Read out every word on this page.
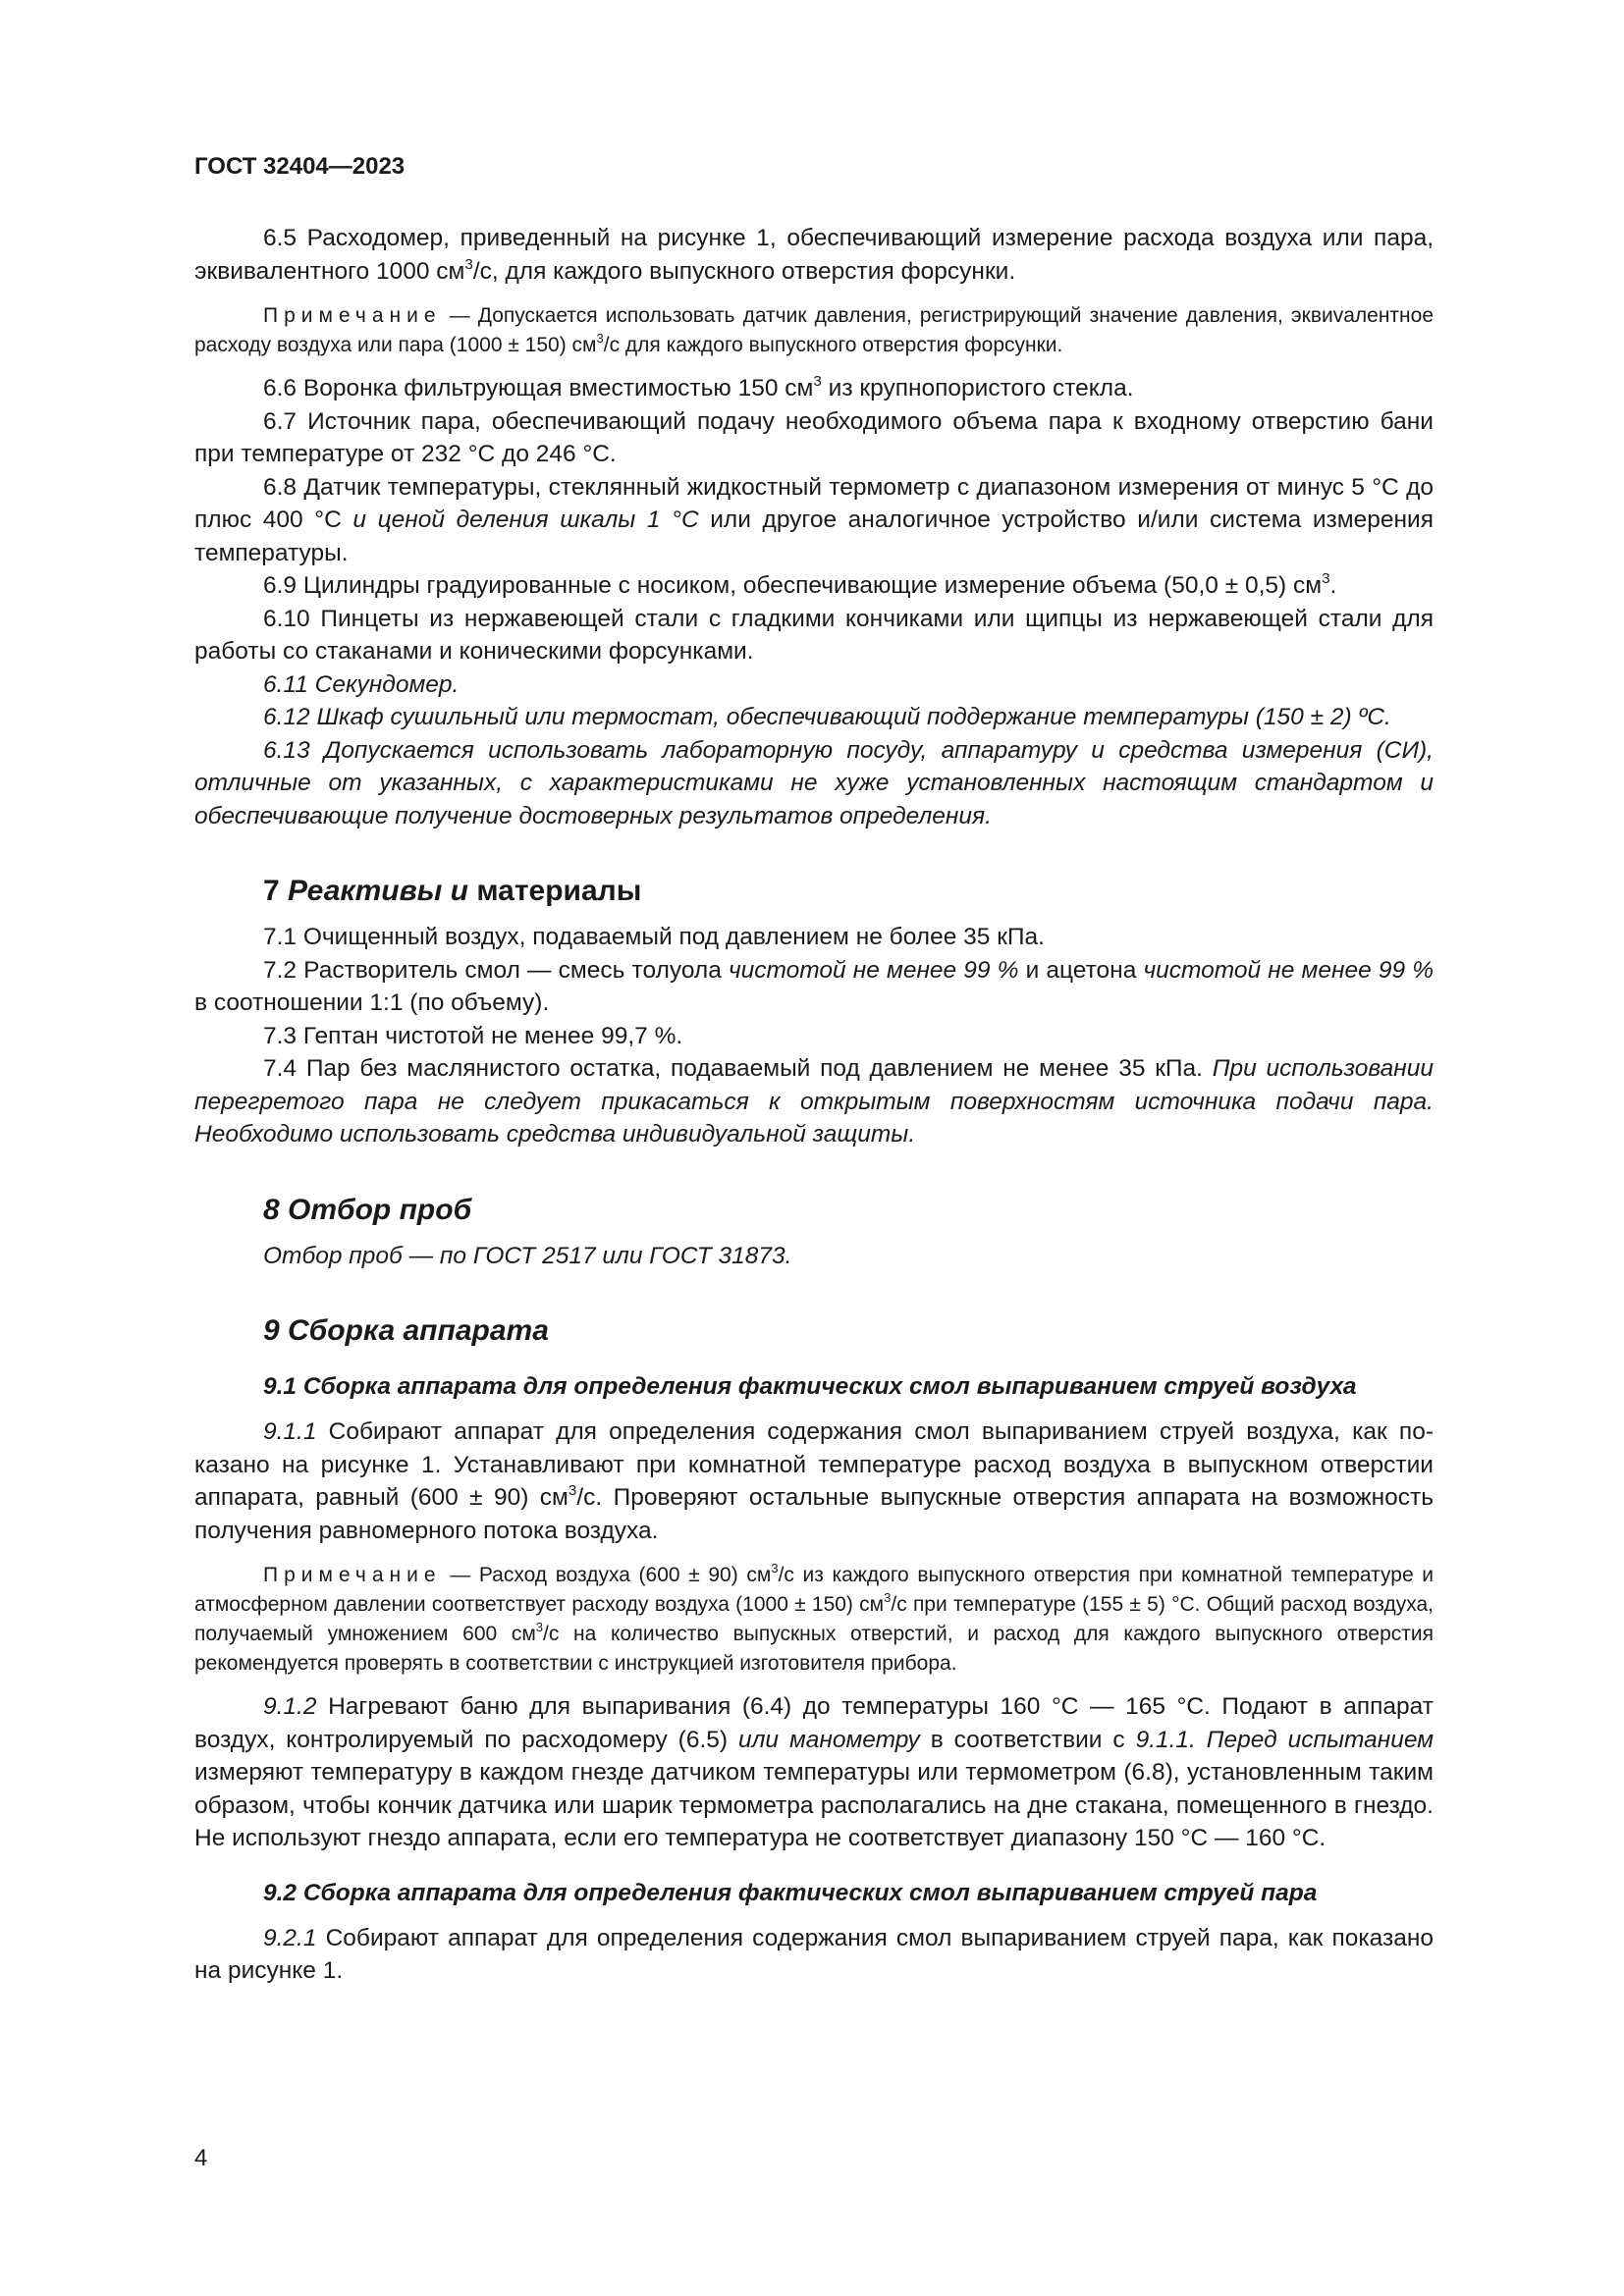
ГОСТ 32404—2023

6.5 Расходомер, приведенный на рисунке 1, обеспечивающий измерение расхода воздуха или пара, эквивалентного 1000 $см^3/с$, для каждого выпускного отверстия форсунки.

Примечание — Допускается использовать датчик давления, регистрирующий значение давления, эквиvалентное расходу воздуха или пара (1000 ± 150) $см^3/с$ для каждого выпускного отверстия форсунки.

6.6 Воронка фильтрующая вместимостью 150 $см^3$ из крупнопористого стекла.

6.7 Источник пара, обеспечивающий подачу необходимого объема пара к входному отверстию бани при температуре от 232 °С до 246 °С.

6.8 Датчик температуры, стеклянный жидкостный термометр с диапазоном измерения от минус 5 °С до плюс 400 °С и ценой деления шкалы 1 °С или другое аналогичное устройство и/или система измерения температуры.

6.9 Цилиндры градуированные с носиком, обеспечивающие измерение объема (50,0 ± 0,5) $см^3$.

6.10 Пинцеты из нержавеющей стали с гладкими кончиками или щипцы из нержавеющей стали для работы со стаканами и коническими форсунками.

6.11 Секундомер.

6.12 Шкаф сушильный или термостат, обеспечивающий поддержание температуры (150 ± 2) ºС.

6.13 Допускается использовать лабораторную посуду, аппаратуру и средства измерения (СИ), отличные от указанных, с характеристиками не хуже установленных настоящим стандартом и обеспечивающие получение достоверных результатов определения.

7 Реактивы и материалы

7.1 Очищенный воздух, подаваемый под давлением не более 35 кПа.

7.2 Растворитель смол — смесь толуола чистотой не менее 99 % и ацетона чистотой не менее 99 % в соотношении 1:1 (по объему).

7.3 Гептан чистотой не менее 99,7 %.

7.4 Пар без маслянистого остатка, подаваемый под давлением не менее 35 кПа. При использовании перегретого пара не следует прикасаться к открытым поверхностям источника подачи пара. Необходимо использовать средства индивидуальной защиты.

8 Отбор проб

Отбор проб — по ГОСТ 2517 или ГОСТ 31873.

9 Сборка аппарата

9.1 Сборка аппарата для определения фактических смол выпариванием струей воздуха

9.1.1 Собирают аппарат для определения содержания смол выпариванием струей воздуха, как показано на рисунке 1. Устанавливают при комнатной температуре расход воздуха в выпускном отверстии аппарата, равный (600 ± 90) $см^3/с$. Проверяют остальные выпускные отверстия аппарата на возможность получения равномерного потока воздуха.

Примечание — Расход воздуха (600 ± 90) $см^3/с$ из каждого выпускного отверстия при комнатной температуре и атмосферном давлении соответствует расходу воздуха (1000 ± 150) $см^3/с$ при температуре (155 ± 5) °С. Общий расход воздуха, получаемый умножением 600 $см^3/с$ на количество выпускных отверстий, и расход для каждого выпускного отверстия рекомендуется проверять в соответствии с инструкцией изготовителя прибора.

9.1.2 Нагревают баню для выпаривания (6.4) до температуры 160 °С — 165 °С. Подают в аппарат воздух, контролируемый по расходомеру (6.5) или манометру в соответствии с 9.1.1. Перед испытанием измеряют температуру в каждом гнезде датчиком температуры или термометром (6.8), установленным таким образом, чтобы кончик датчика или шарик термометра располагались на дне стакана, помещенного в гнездо. Не используют гнездо аппарата, если его температура не соответствует диапазону 150 °С — 160 °С.

9.2 Сборка аппарата для определения фактических смол выпариванием струей пара

9.2.1 Собирают аппарат для определения содержания смол выпариванием струей пара, как показано на рисунке 1.

4
